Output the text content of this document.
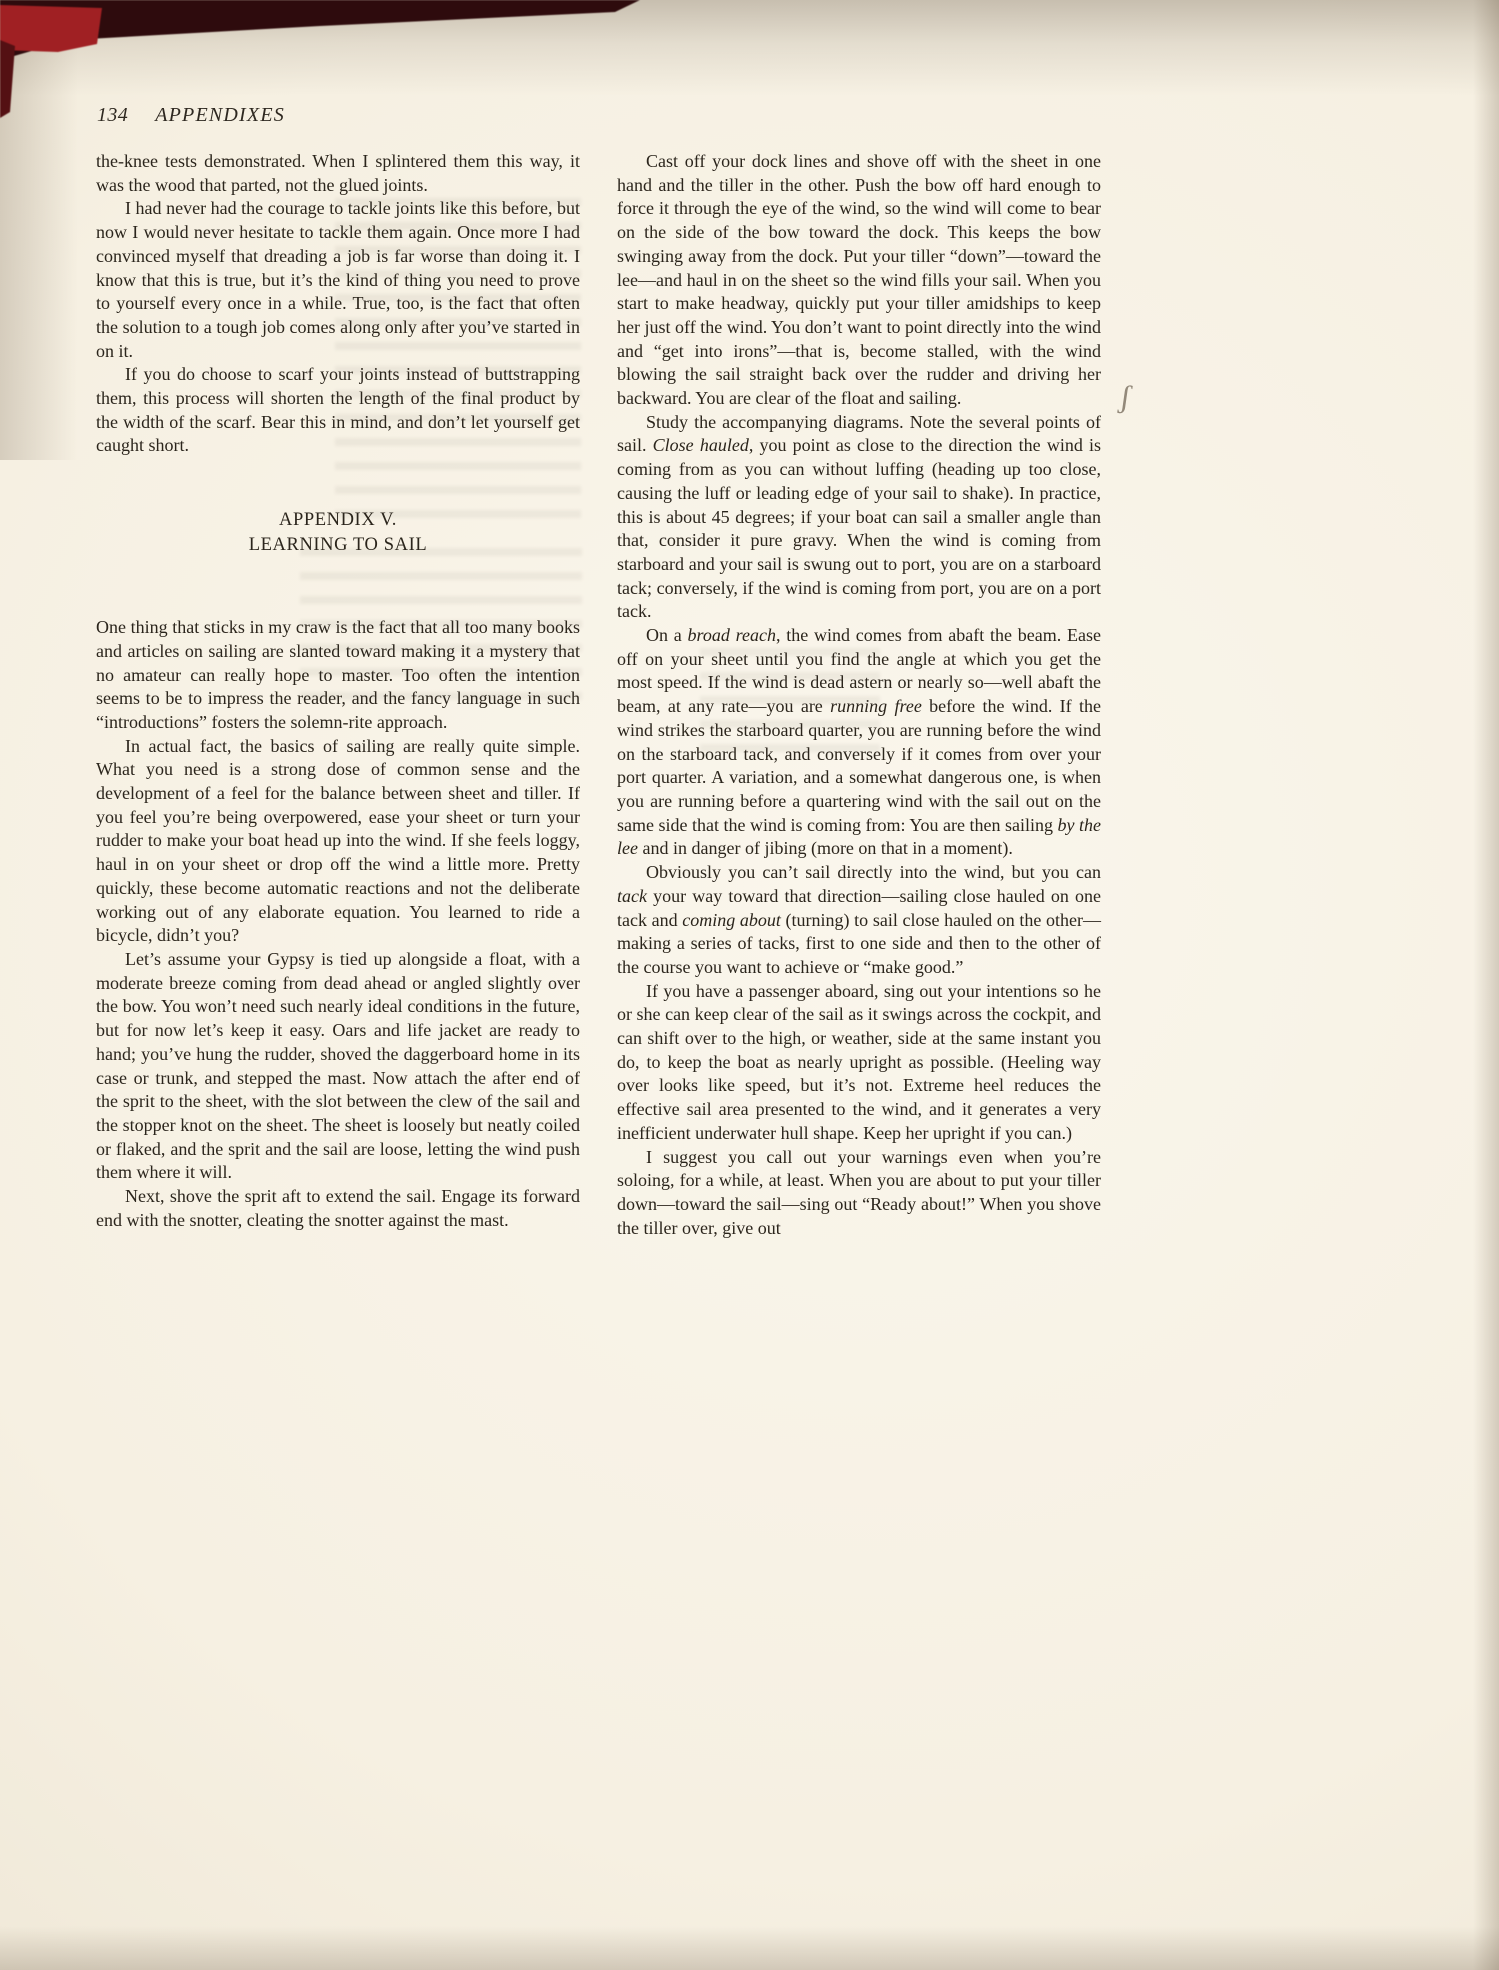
134 APPENDIXES

the-knee tests demonstrated. When I splintered them this way, it was the wood that parted, not the glued joints.

I had never had the courage to tackle joints like this before, but now I would never hesitate to tackle them again. Once more I had convinced myself that dreading a job is far worse than doing it. I know that this is true, but it’s the kind of thing you need to prove to yourself every once in a while. True, too, is the fact that often the solution to a tough job comes along only after you’ve started in on it.

If you do choose to scarf your joints instead of buttstrapping them, this process will shorten the length of the final product by the width of the scarf. Bear this in mind, and don’t let yourself get caught short.

APPENDIX V.
LEARNING TO SAIL

One thing that sticks in my craw is the fact that all too many books and articles on sailing are slanted toward making it a mystery that no amateur can really hope to master. Too often the intention seems to be to impress the reader, and the fancy language in such “introductions” fosters the solemn-rite approach.

In actual fact, the basics of sailing are really quite simple. What you need is a strong dose of common sense and the development of a feel for the balance between sheet and tiller. If you feel you’re being overpowered, ease your sheet or turn your rudder to make your boat head up into the wind. If she feels loggy, haul in on your sheet or drop off the wind a little more. Pretty quickly, these become automatic reactions and not the deliberate working out of any elaborate equation. You learned to ride a bicycle, didn’t you?

Let’s assume your Gypsy is tied up alongside a float, with a moderate breeze coming from dead ahead or angled slightly over the bow. You won’t need such nearly ideal conditions in the future, but for now let’s keep it easy. Oars and life jacket are ready to hand; you’ve hung the rudder, shoved the daggerboard home in its case or trunk, and stepped the mast. Now attach the after end of the sprit to the sheet, with the slot between the clew of the sail and the stopper knot on the sheet. The sheet is loosely but neatly coiled or flaked, and the sprit and the sail are loose, letting the wind push them where it will.

Next, shove the sprit aft to extend the sail. Engage its forward end with the snotter, cleating the snotter against the mast.

Cast off your dock lines and shove off with the sheet in one hand and the tiller in the other. Push the bow off hard enough to force it through the eye of the wind, so the wind will come to bear on the side of the bow toward the dock. This keeps the bow swinging away from the dock. Put your tiller “down”—toward the lee—and haul in on the sheet so the wind fills your sail. When you start to make headway, quickly put your tiller amidships to keep her just off the wind. You don’t want to point directly into the wind and “get into irons”—that is, become stalled, with the wind blowing the sail straight back over the rudder and driving her backward. You are clear of the float and sailing.

Study the accompanying diagrams. Note the several points of sail. Close hauled, you point as close to the direction the wind is coming from as you can without luffing (heading up too close, causing the luff or leading edge of your sail to shake). In practice, this is about 45 degrees; if your boat can sail a smaller angle than that, consider it pure gravy. When the wind is coming from starboard and your sail is swung out to port, you are on a starboard tack; conversely, if the wind is coming from port, you are on a port tack.

On a broad reach, the wind comes from abaft the beam. Ease off on your sheet until you find the angle at which you get the most speed. If the wind is dead astern or nearly so—well abaft the beam, at any rate—you are running free before the wind. If the wind strikes the starboard quarter, you are running before the wind on the starboard tack, and conversely if it comes from over your port quarter. A variation, and a somewhat dangerous one, is when you are running before a quartering wind with the sail out on the same side that the wind is coming from: You are then sailing by the lee and in danger of jibing (more on that in a moment).

Obviously you can’t sail directly into the wind, but you can tack your way toward that direction—sailing close hauled on one tack and coming about (turning) to sail close hauled on the other—making a series of tacks, first to one side and then to the other of the course you want to achieve or “make good.”

If you have a passenger aboard, sing out your intentions so he or she can keep clear of the sail as it swings across the cockpit, and can shift over to the high, or weather, side at the same instant you do, to keep the boat as nearly upright as possible. (Heeling way over looks like speed, but it’s not. Extreme heel reduces the effective sail area presented to the wind, and it generates a very inefficient underwater hull shape. Keep her upright if you can.)

I suggest you call out your warnings even when you’re soloing, for a while, at least. When you are about to put your tiller down—toward the sail—sing out “Ready about!” When you shove the tiller over, give out

ʃ
